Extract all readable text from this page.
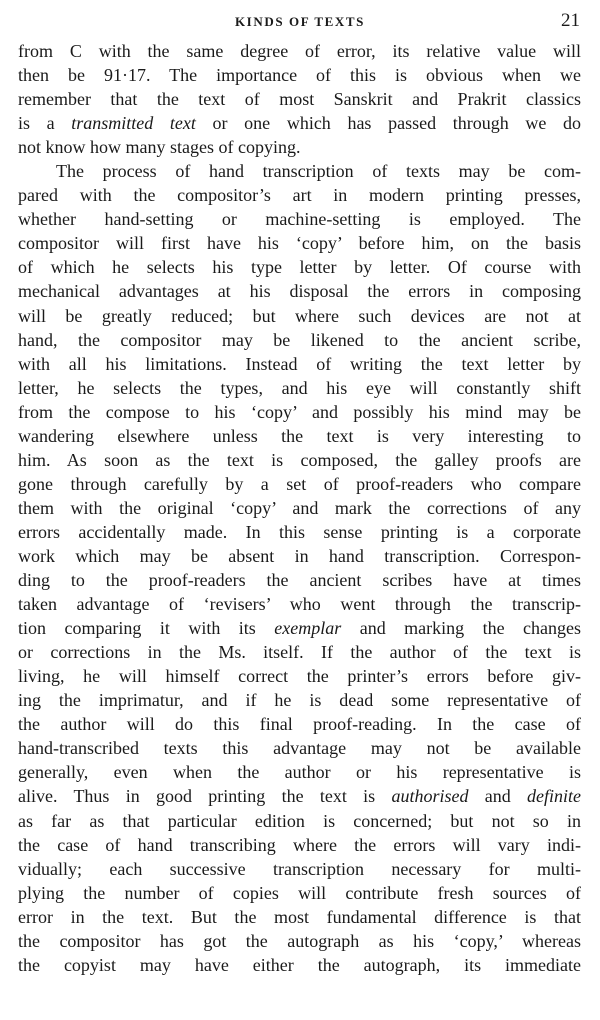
KINDS OF TEXTS	21
from C with the same degree of error, its relative value will
then be 91·17. The importance of this is obvious when we
remember that the text of most Sanskrit and Prakrit classics
is a transmitted text or one which has passed through we do
not know how many stages of copying.
The process of hand transcription of texts may be com-
pared with the compositor’s art in modern printing presses,
whether hand-setting or machine-setting is employed. The
compositor will first have his ‘copy’ before him, on the basis
of which he selects his type letter by letter. Of course with
mechanical advantages at his disposal the errors in composing
will be greatly reduced; but where such devices are not at
hand, the compositor may be likened to the ancient scribe,
with all his limitations. Instead of writing the text letter by
letter, he selects the types, and his eye will constantly shift
from the compose to his ‘copy’ and possibly his mind may be
wandering elsewhere unless the text is very interesting to
him. As soon as the text is composed, the galley proofs are
gone through carefully by a set of proof-readers who compare
them with the original ‘copy’ and mark the corrections of any
errors accidentally made. In this sense printing is a corporate
work which may be absent in hand transcription. Correspon-
ding to the proof-readers the ancient scribes have at times
taken advantage of ‘revisers’ who went through the transcrip-
tion comparing it with its exemplar and marking the changes
or corrections in the Ms. itself. If the author of the text is
living, he will himself correct the printer’s errors before giv-
ing the imprimatur, and if he is dead some representative of
the author will do this final proof-reading. In the case of
hand-transcribed texts this advantage may not be available
generally, even when the author or his representative is
alive. Thus in good printing the text is authorised and definite
as far as that particular edition is concerned; but not so in
the case of hand transcribing where the errors will vary indi-
vidually; each successive transcription necessary for multi-
plying the number of copies will contribute fresh sources of
error in the text. But the most fundamental difference is that
the compositor has got the autograph as his ‘copy,’ whereas
the copyist may have either the autograph, its immediate
